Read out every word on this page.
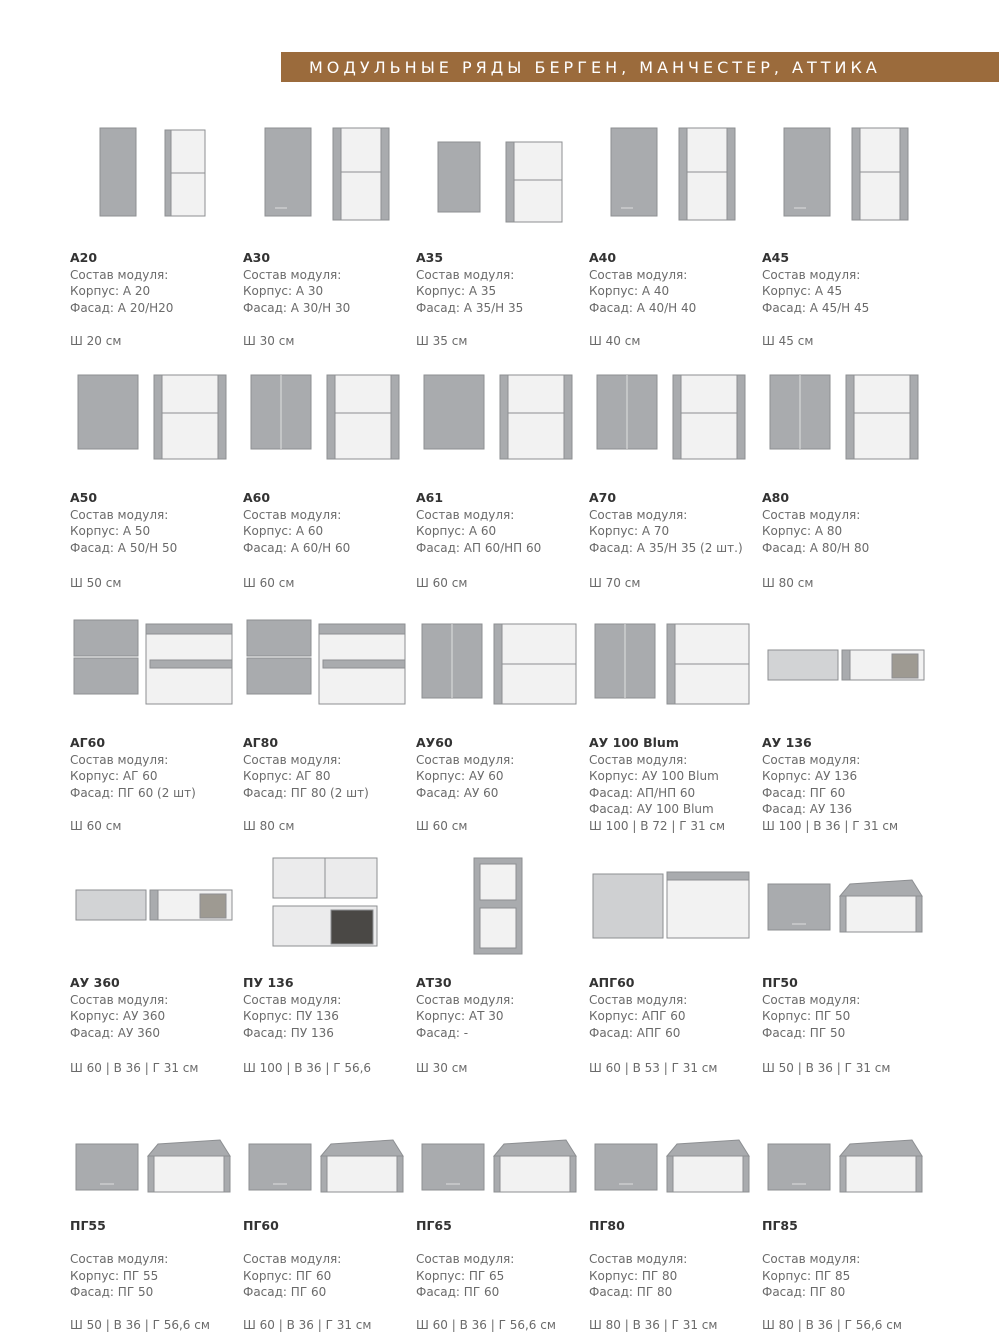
МОДУЛЬНЫЕ РЯДЫ БЕРГЕН, МАНЧЕСТЕР, АТТИКА
А20
Состав модуля:
Корпус: А 20
Фасад: А 20/Н20
Ш 20 см
А30
Состав модуля:
Корпус: А 30
Фасад: А 30/Н 30
Ш 30 см
А35
Состав модуля:
Корпус: А 35
Фасад: А 35/Н 35
Ш 35 см
А40
Состав модуля:
Корпус: А 40
Фасад: А 40/Н 40
Ш 40 см
А45
Состав модуля:
Корпус: А 45
Фасад: А 45/Н 45
Ш 45 см
А50
Состав модуля:
Корпус: А 50
Фасад: А 50/Н 50
Ш 50 см
А60
Состав модуля:
Корпус: А 60
Фасад: А 60/Н 60
Ш 60 см
А61
Состав модуля:
Корпус: А 60
Фасад: АП 60/НП 60
Ш 60 см
А70
Состав модуля:
Корпус: А 70
Фасад: А 35/Н 35 (2 шт.)
Ш 70 см
А80
Состав модуля:
Корпус: А 80
Фасад: А 80/Н 80
Ш 80 см
АГ60
Состав модуля:
Корпус: АГ 60
Фасад: ПГ 60 (2 шт)
Ш 60 см
АГ80
Состав модуля:
Корпус: АГ 80
Фасад: ПГ 80 (2 шт)
Ш 80 см
АУ60
Состав модуля:
Корпус: АУ 60
Фасад: АУ 60
Ш 60 см
АУ 100 Blum
Состав модуля:
Корпус: АУ 100 Blum
Фасад: АП/НП 60
Фасад: АУ 100 Blum
Ш 100 | В 72 | Г 31 см
АУ 136
Состав модуля:
Корпус: АУ 136
Фасад: ПГ 60
Фасад: АУ 136
Ш 100 | В 36 | Г 31 см
АУ 360
Состав модуля:
Корпус: АУ 360
Фасад: АУ 360
Ш 60 | В 36 | Г 31 см
ПУ 136
Состав модуля:
Корпус: ПУ 136
Фасад: ПУ 136
Ш 100 | В 36 | Г 56,6
АТ30
Состав модуля:
Корпус: АТ 30
Фасад: -
Ш 30 см
АПГ60
Состав модуля:
Корпус: АПГ 60
Фасад: АПГ 60
Ш 60 | В 53 | Г 31 см
ПГ50
Состав модуля:
Корпус: ПГ 50
Фасад: ПГ 50
Ш 50 | В 36 | Г 31 см
ПГ55

Состав модуля:
Корпус: ПГ 55
Фасад: ПГ 50
Ш 50 | В 36 | Г 56,6 см
ПГ60

Состав модуля:
Корпус: ПГ 60
Фасад: ПГ 60
Ш 60 | В 36 | Г 31 см
ПГ65

Состав модуля:
Корпус: ПГ 65
Фасад: ПГ 60
Ш 60 | В 36 | Г 56,6 см
ПГ80

Состав модуля:
Корпус: ПГ 80
Фасад: ПГ 80
Ш 80 | В 36 | Г 31 см
ПГ85

Состав модуля:
Корпус: ПГ 85
Фасад: ПГ 80
Ш 80 | В 36 | Г 56,6 см
